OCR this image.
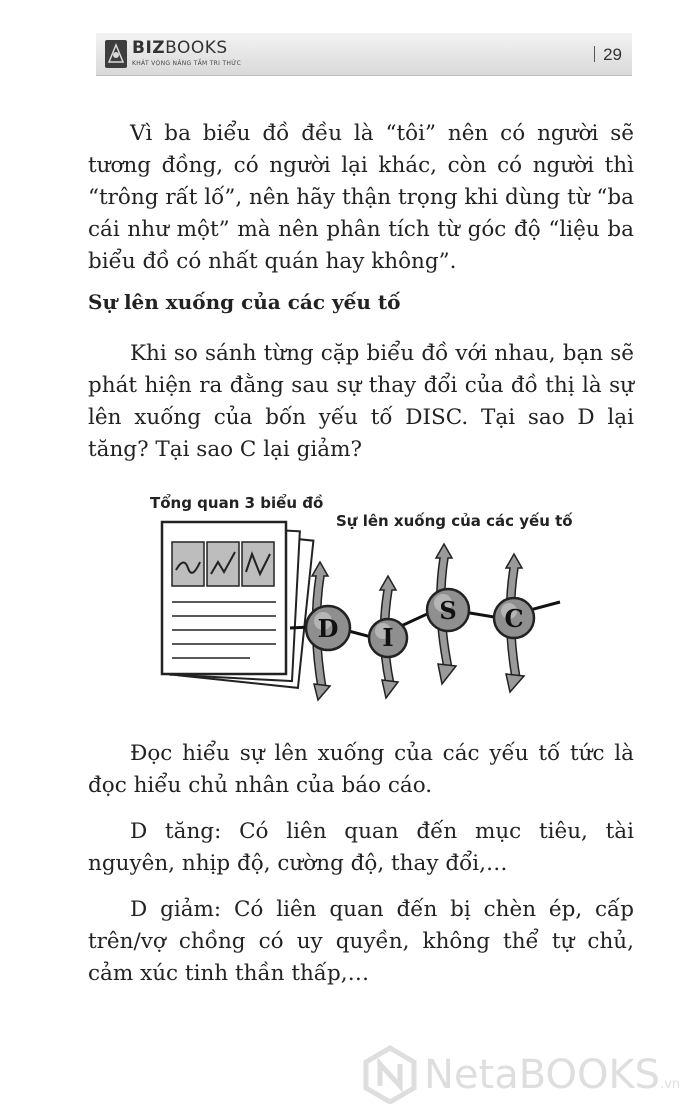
BIZBOOKS
KHÁT VỌNG NÂNG TẦM TRI THỨC	29
Vì ba biểu đồ đều là “tôi” nên có người sẽ tương đồng, có người lại khác, còn có người thì “trông rất lố”, nên hãy thận trọng khi dùng từ “ba cái như một” mà nên phân tích từ góc độ “liệu ba biểu đồ có nhất quán hay không”.
Sự lên xuống của các yếu tố
Khi so sánh từng cặp biểu đồ với nhau, bạn sẽ phát hiện ra đằng sau sự thay đổi của đồ thị là sự lên xuống của bốn yếu tố DISC. Tại sao D lại tăng? Tại sao C lại giảm?
Tổng quan 3 biểu đồ
Sự lên xuống của các yếu tố
D I
S C
Đọc hiểu sự lên xuống của các yếu tố tức là đọc hiểu chủ nhân của báo cáo.
D tăng: Có liên quan đến mục tiêu, tài nguyên, nhịp độ, cường độ, thay đổi,…
D giảm: Có liên quan đến bị chèn ép, cấp trên/vợ chồng có uy quyền, không thể tự chủ, cảm xúc tinh thần thấp,…
NetaBOOKS.vn
